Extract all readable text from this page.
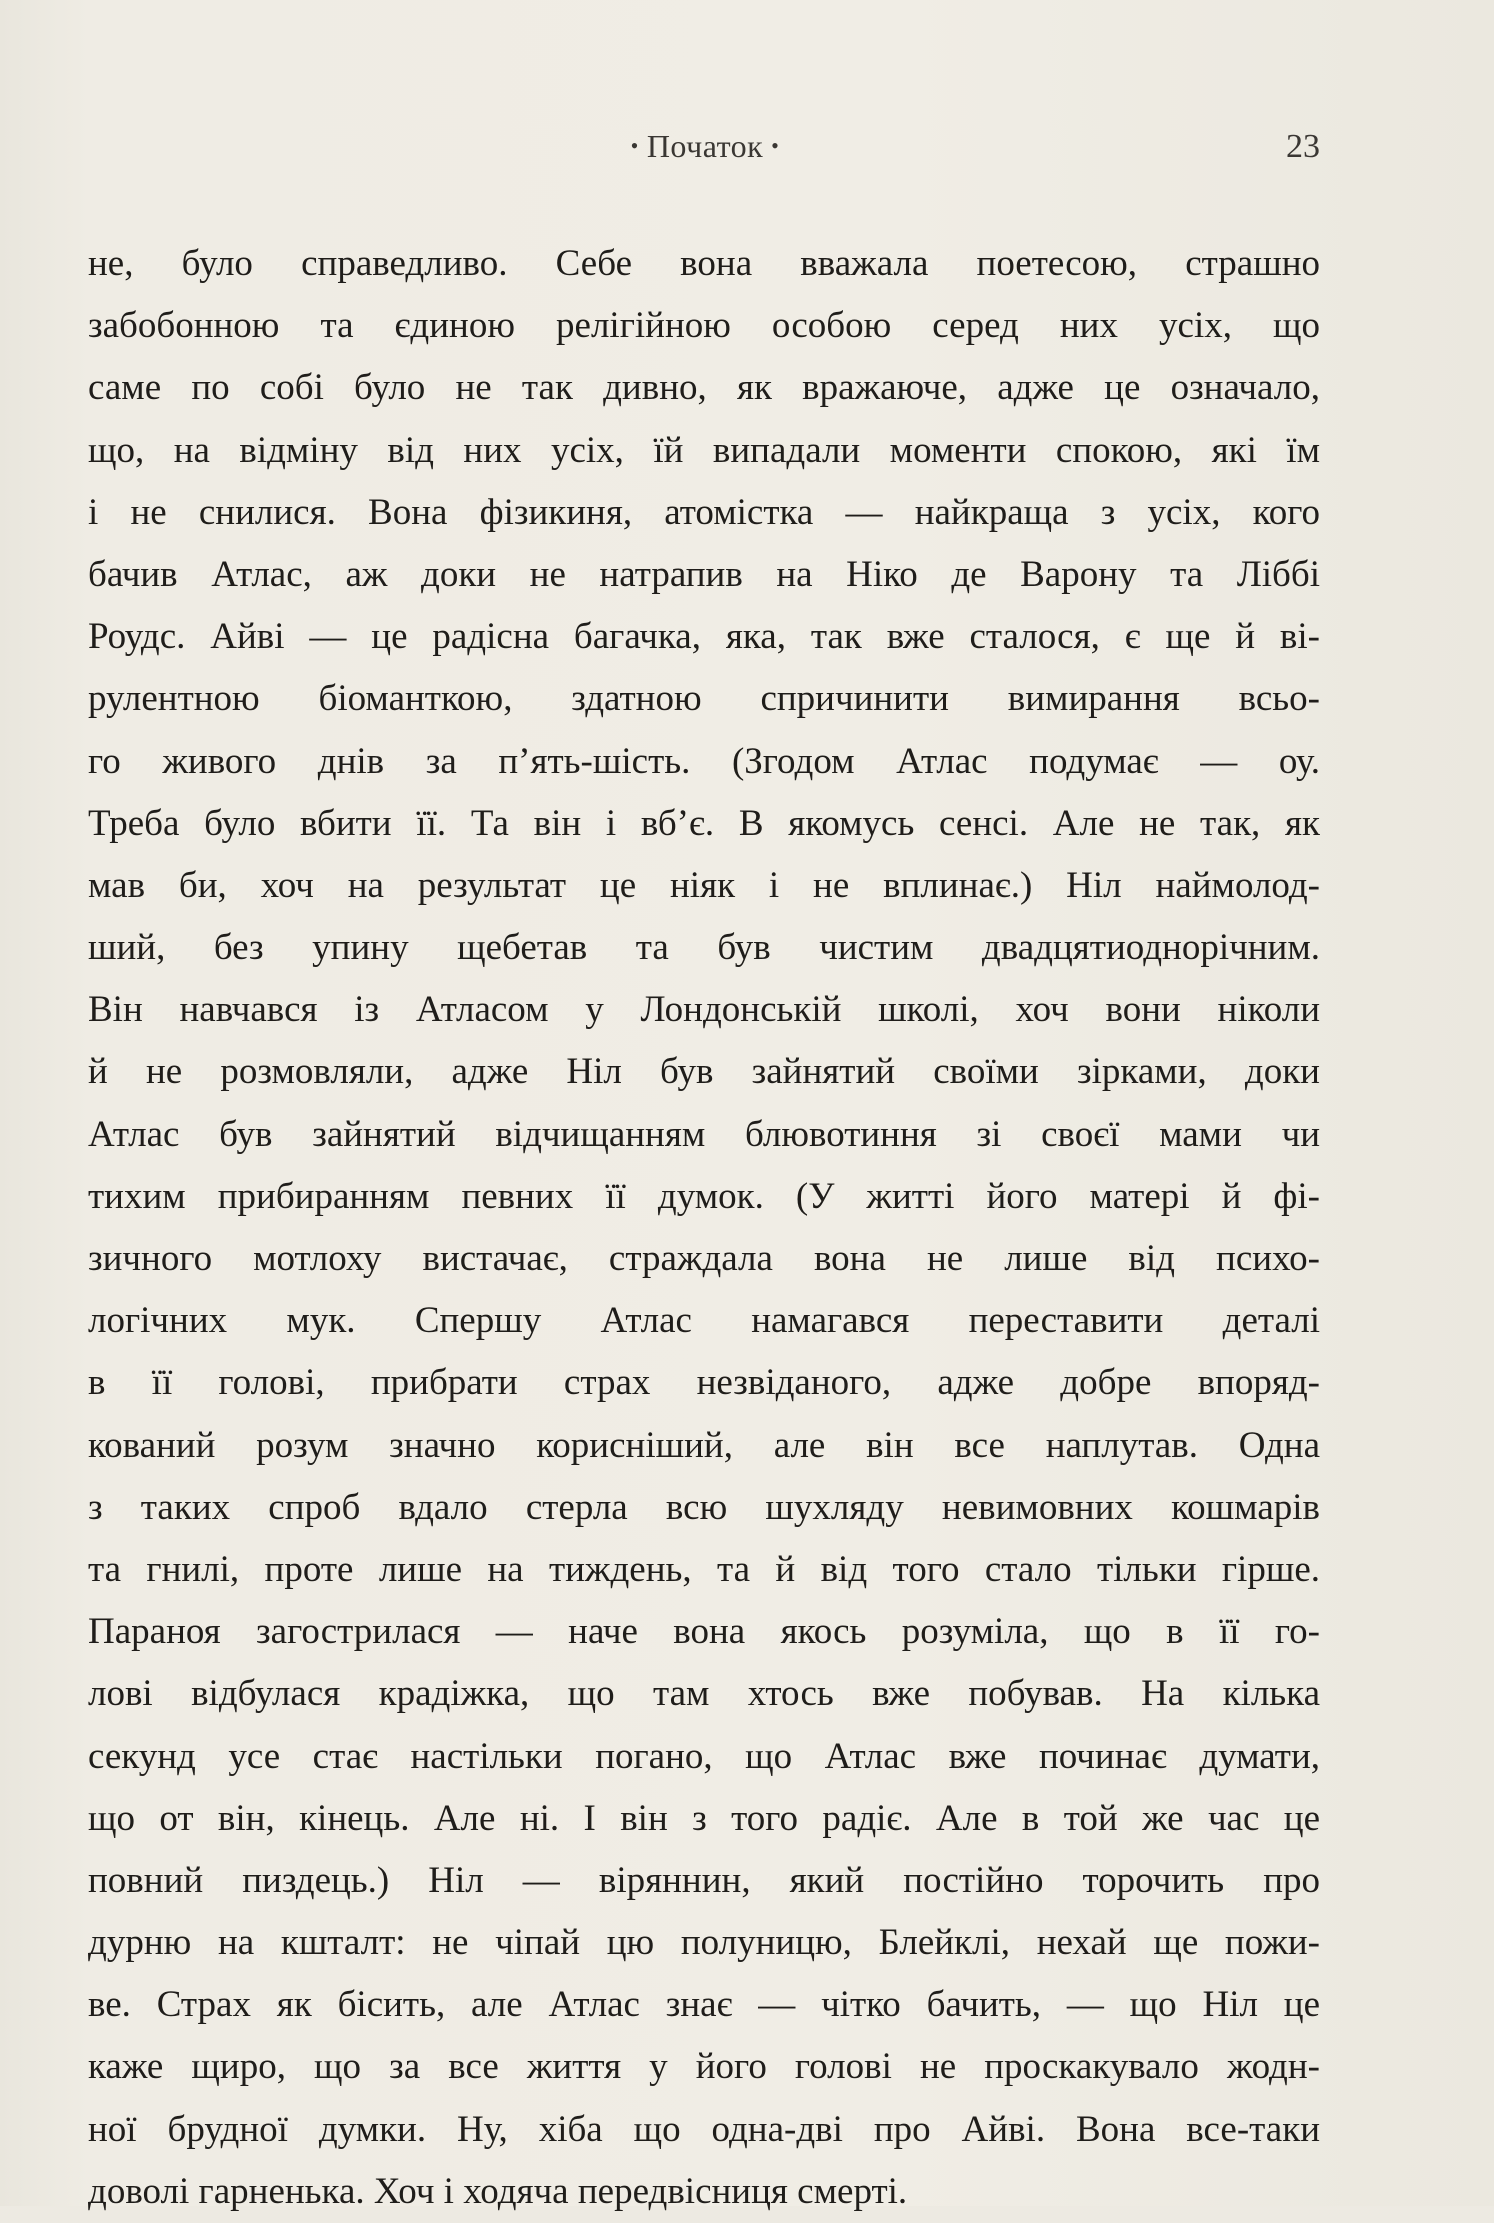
• Початок •	23
не, було справедливо. Себе вона вважала поетесою, страшно
забобонною та єдиною релігійною особою серед них усіх, що
саме по собі було не так дивно, як вражаюче, адже це означало,
що, на відміну від них усіх, їй випадали моменти спокою, які їм
і не снилися. Вона фізикиня, атомістка — найкраща з усіх, кого
бачив Атлас, аж доки не натрапив на Ніко де Варону та Ліббі
Роудс. Айві — це радісна багачка, яка, так вже сталося, є ще й ві-
рулентною біоманткою, здатною спричинити вимирання всьо-
го живого днів за п’ять-шість. (Згодом Атлас подумає — оу.
Треба було вбити її. Та він і вб’є. В якомусь сенсі. Але не так, як
мав би, хоч на результат це ніяк і не вплинає.) Ніл наймолод-
ший, без упину щебетав та був чистим двадцятиоднорічним.
Він навчався із Атласом у Лондонській школі, хоч вони ніколи
й не розмовляли, адже Ніл був зайнятий своїми зірками, доки
Атлас був зайнятий відчищанням блювотиння зі своєї мами чи
тихим прибиранням певних її думок. (У житті його матері й фі-
зичного мотлоху вистачає, страждала вона не лише від психо-
логічних мук. Спершу Атлас намагався переставити деталі
в її голові, прибрати страх незвіданого, адже добре впоряд-
кований розум значно корисніший, але він все наплутав. Одна
з таких спроб вдало стерла всю шухляду невимовних кошмарів
та гнилі, проте лише на тиждень, та й від того стало тільки гірше.
Параноя загострилася — наче вона якось розуміла, що в її го-
лові відбулася крадіжка, що там хтось вже побував. На кілька
секунд усе стає настільки погано, що Атлас вже починає думати,
що от він, кінець. Але ні. І він з того радіє. Але в той же час це
повний пиздець.) Ніл — віряннин, який постійно торочить про
дурню на кшталт: не чіпай цю полуницю, Блейклі, нехай ще пожи-
ве. Страх як бісить, але Атлас знає — чітко бачить, — що Ніл це
каже щиро, що за все життя у його голові не проскакувало жодн-
ної брудної думки. Ну, хіба що одна-дві про Айві. Вона все-таки
доволі гарненька. Хоч і ходяча передвісниця смерті.
